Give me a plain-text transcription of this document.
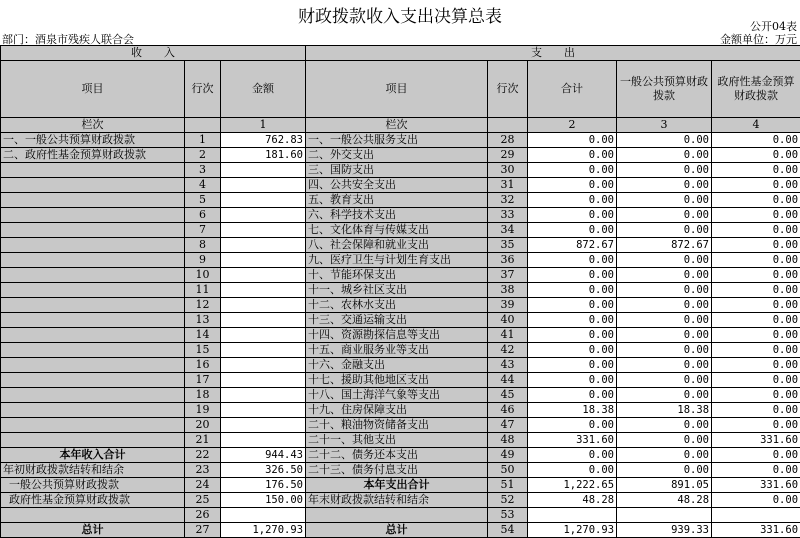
财政拨款收入支出决算总表	公开04表
部门：酒泉市残疾人联合会	金额单位：万元
收　　入			支　　出				
项目	行次	金额	项目	行次	合计	一般公共预算财政拨款	政府性基金预算财政拨款
栏次		1	栏次		2	3	4
一、一般公共预算财政拨款	1	762.83	一、一般公共服务支出	28	0.00	0.00	0.00
二、政府性基金预算财政拨款	2	181.60	二、外交支出	29	0.00	0.00	0.00
	3		三、国防支出	30	0.00	0.00	0.00
	4		四、公共安全支出	31	0.00	0.00	0.00
	5		五、教育支出	32	0.00	0.00	0.00
	6		六、科学技术支出	33	0.00	0.00	0.00
	7		七、文化体育与传媒支出	34	0.00	0.00	0.00
	8		八、社会保障和就业支出	35	872.67	872.67	0.00
	9		九、医疗卫生与计划生育支出	36	0.00	0.00	0.00
	10		十、节能环保支出	37	0.00	0.00	0.00
	11		十一、城乡社区支出	38	0.00	0.00	0.00
	12		十二、农林水支出	39	0.00	0.00	0.00
	13		十三、交通运输支出	40	0.00	0.00	0.00
	14		十四、资源勘探信息等支出	41	0.00	0.00	0.00
	15		十五、商业服务业等支出	42	0.00	0.00	0.00
	16		十六、金融支出	43	0.00	0.00	0.00
	17		十七、援助其他地区支出	44	0.00	0.00	0.00
	18		十八、国土海洋气象等支出	45	0.00	0.00	0.00
	19		十九、住房保障支出	46	18.38	18.38	0.00
	20		二十、粮油物资储备支出	47	0.00	0.00	0.00
	21		二十一、其他支出	48	331.60	0.00	331.60
本年收入合计	22	944.43	二十二、债务还本支出	49	0.00	0.00	0.00
年初财政拨款结转和结余	23	326.50	二十三、债务付息支出	50	0.00	0.00	0.00
一般公共预算财政拨款	24	176.50	本年支出合计	51	1,222.65	891.05	331.60
政府性基金预算财政拨款	25	150.00	年末财政拨款结转和结余	52	48.28	48.28	0.00
	26			53			
总计	27	1,270.93	总计	54	1,270.93	939.33	331.60
